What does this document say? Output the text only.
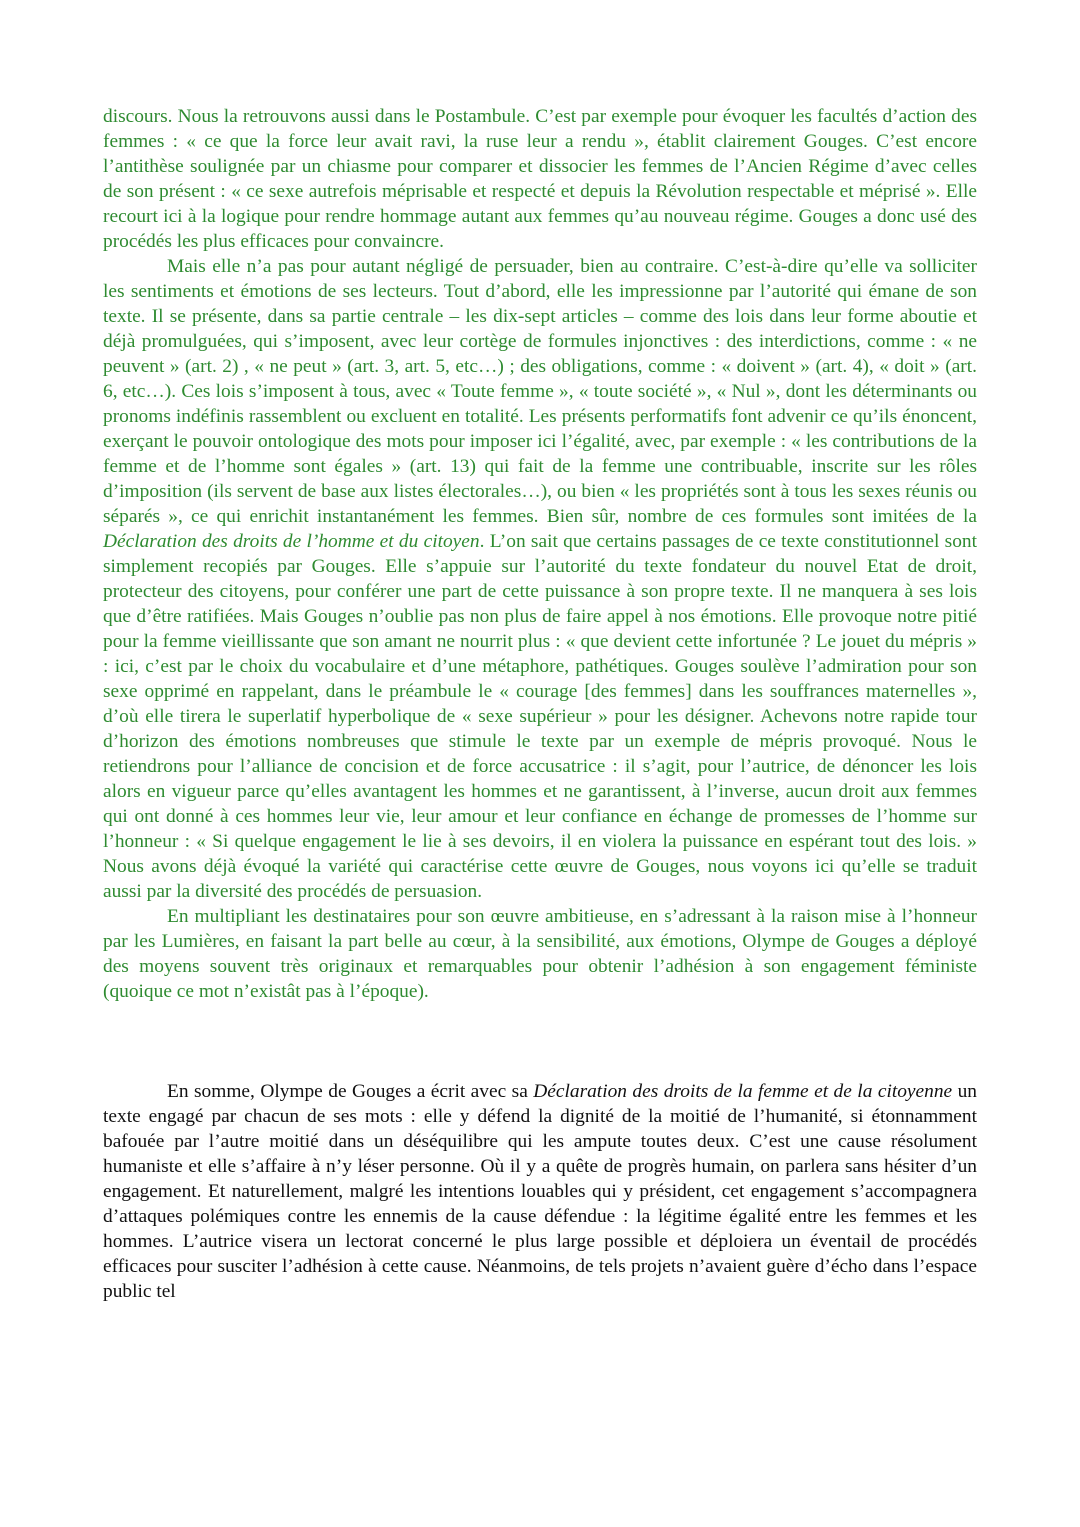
discours. Nous la retrouvons aussi dans le Postambule. C’est par exemple pour évoquer les facultés d’action des femmes : « ce que la force leur avait ravi, la ruse leur a rendu », établit clairement Gouges. C’est encore l’antithèse soulignée par un chiasme pour comparer et dissocier les femmes de l’Ancien Régime d’avec celles de son présent : « ce sexe autrefois méprisable et respecté et depuis la Révolution respectable et méprisé ». Elle recourt ici à la logique pour rendre hommage autant aux femmes qu’au nouveau régime. Gouges a donc usé des procédés les plus efficaces pour convaincre.

Mais elle n’a pas pour autant négligé de persuader, bien au contraire. C’est-à-dire qu’elle va solliciter les sentiments et émotions de ses lecteurs. Tout d’abord, elle les impressionne par l’autorité qui émane de son texte. Il se présente, dans sa partie centrale – les dix-sept articles – comme des lois dans leur forme aboutie et déjà promulguées, qui s’imposent, avec leur cortège de formules injonctives : des interdictions, comme : « ne peuvent » (art. 2) , « ne peut » (art. 3, art. 5, etc…) ; des obligations, comme : « doivent » (art. 4), « doit » (art. 6, etc…). Ces lois s’imposent à tous, avec « Toute femme », « toute société », « Nul », dont les déterminants ou pronoms indéfinis rassemblent ou excluent en totalité. Les présents performatifs font advenir ce qu’ils énoncent, exerçant le pouvoir ontologique des mots pour imposer ici l’égalité, avec, par exemple : « les contributions de la femme et de l’homme sont égales » (art. 13) qui fait de la femme une contribuable, inscrite sur les rôles d’imposition (ils servent de base aux listes électorales…), ou bien « les propriétés sont à tous les sexes réunis ou séparés », ce qui enrichit instantanément les femmes. Bien sûr, nombre de ces formules sont imitées de la Déclaration des droits de l’homme et du citoyen. L’on sait que certains passages de ce texte constitutionnel sont simplement recopiés par Gouges. Elle s’appuie sur l’autorité du texte fondateur du nouvel Etat de droit, protecteur des citoyens, pour conférer une part de cette puissance à son propre texte. Il ne manquera à ses lois que d’être ratifiées. Mais Gouges n’oublie pas non plus de faire appel à nos émotions. Elle provoque notre pitié pour la femme vieillissante que son amant ne nourrit plus : « que devient cette infortunée ? Le jouet du mépris » : ici, c’est par le choix du vocabulaire et d’une métaphore, pathétiques. Gouges soulève l’admiration pour son sexe opprimé en rappelant, dans le préambule le « courage [des femmes] dans les souffrances maternelles », d’où elle tirera le superlatif hyperbolique de « sexe supérieur » pour les désigner. Achevons notre rapide tour d’horizon des émotions nombreuses que stimule le texte par un exemple de mépris provoqué. Nous le retiendrons pour l’alliance de concision et de force accusatrice : il s’agit, pour l’autrice, de dénoncer les lois alors en vigueur parce qu’elles avantagent les hommes et ne garantissent, à l’inverse, aucun droit aux femmes qui ont donné à ces hommes leur vie, leur amour et leur confiance en échange de promesses de l’homme sur l’honneur : « Si quelque engagement le lie à ses devoirs, il en violera la puissance en espérant tout des lois. » Nous avons déjà évoqué la variété qui caractérise cette œuvre de Gouges, nous voyons ici qu’elle se traduit aussi par la diversité des procédés de persuasion.

En multipliant les destinataires pour son œuvre ambitieuse, en s’adressant à la raison mise à l’honneur par les Lumières, en faisant la part belle au cœur, à la sensibilité, aux émotions, Olympe de Gouges a déployé des moyens souvent très originaux et remarquables pour obtenir l’adhésion à son engagement féministe (quoique ce mot n’existât pas à l’époque).

En somme, Olympe de Gouges a écrit avec sa Déclaration des droits de la femme et de la citoyenne un texte engagé par chacun de ses mots : elle y défend la dignité de la moitié de l’humanité, si étonnamment bafouée par l’autre moitié dans un déséquilibre qui les ampute toutes deux. C’est une cause résolument humaniste et elle s’affaire à n’y léser personne. Où il y a quête de progrès humain, on parlera sans hésiter d’un engagement. Et naturellement, malgré les intentions louables qui y président, cet engagement s’accompagnera d’attaques polémiques contre les ennemis de la cause défendue : la légitime égalité entre les femmes et les hommes. L’autrice visera un lectorat concerné le plus large possible et déploiera un éventail de procédés efficaces pour susciter l’adhésion à cette cause. Néanmoins, de tels projets n’avaient guère d’écho dans l’espace public tel
